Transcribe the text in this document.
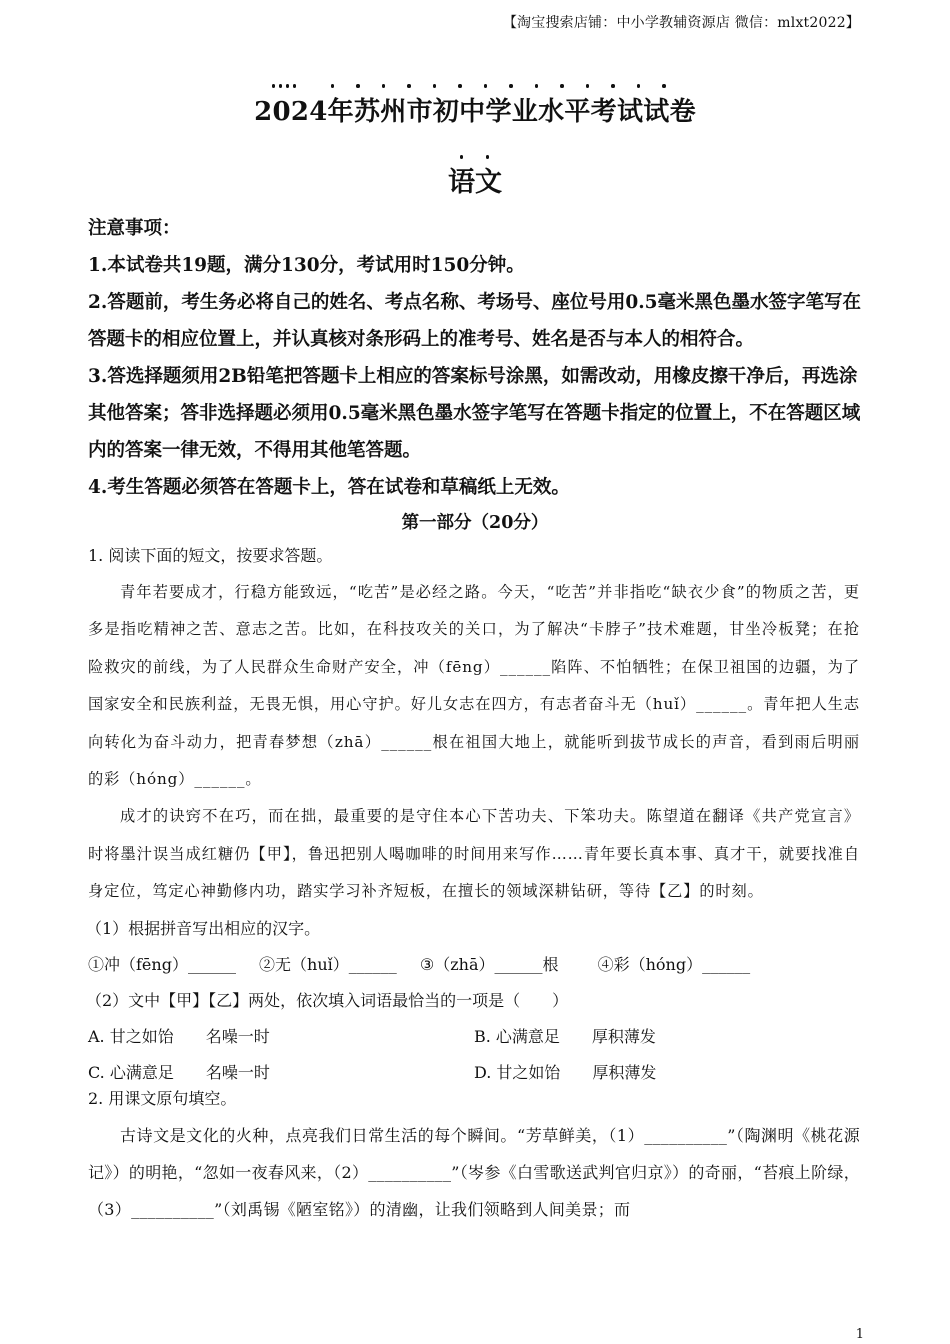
【淘宝搜索店铺：中小学教辅资源店 微信：mlxt2022】
2024年苏州市初中学业水平考试试卷
语文

注意事项：

1.本试卷共19题，满分130分，考试用时150分钟。

2.答题前，考生务必将自己的姓名、考点名称、考场号、座位号用0.5毫米黑色墨水签字笔写在答题卡的相应位置上，并认真核对条形码上的准考号、姓名是否与本人的相符合。

3.答选择题须用2B铅笔把答题卡上相应的答案标号涂黑，如需改动，用橡皮擦干净后，再选涂其他答案；答非选择题必须用0.5毫米黑色墨水签字笔写在答题卡指定的位置上，不在答题区域内的答案一律无效，不得用其他笔答题。

4.考生答题必须答在答题卡上，答在试卷和草稿纸上无效。

第一部分（20分）

1. 阅读下面的短文，按要求答题。

青年若要成才，行稳方能致远，“吃苦”是必经之路。今天，“吃苦”并非指吃“缺衣少食”的物质之苦，更多是指吃精神之苦、意志之苦。比如，在科技攻关的关口，为了解决“卡脖子”技术难题，甘坐冷板凳；在抢险救灾的前线，为了人民群众生命财产安全，冲（fēng）______陷阵、不怕牺牲；在保卫祖国的边疆，为了国家安全和民族利益，无畏无惧，用心守护。好儿女志在四方，有志者奋斗无（huǐ）______。青年把人生志向转化为奋斗动力，把青春梦想（zhā）______根在祖国大地上，就能听到拔节成长的声音，看到雨后明丽的彩（hóng）______。

成才的诀窍不在巧，而在拙，最重要的是守住本心下苦功夫、下笨功夫。陈望道在翻译《共产党宣言》时将墨汁误当成红糖仍【甲】，鲁迅把别人喝咖啡的时间用来写作……青年要长真本事、真才干，就要找准自身定位，笃定心神勤修内功，踏实学习补齐短板，在擅长的领域深耕钻研，等待【乙】的时刻。

（1）根据拼音写出相应的汉字。

①冲（fēng）______ ②无（huǐ）______ ③（zhā）______根 ④彩（hóng）______

（2）文中【甲】【乙】两处，依次填入词语最恰当的一项是（　　）

A. 甘之如饴　　名噪一时	B. 心满意足　　厚积薄发
C. 心满意足　　名噪一时	D. 甘之如饴　　厚积薄发

2. 用课文原句填空。

古诗文是文化的火种，点亮我们日常生活的每个瞬间。“芳草鲜美，（1）__________”（陶渊明《桃花源记》）的明艳，“忽如一夜春风来，（2）__________”（岑参《白雪歌送武判官归京》）的奇丽，“苔痕上阶绿，（3）__________”（刘禹锡《陋室铭》）的清幽，让我们领略到人间美景；而

1
